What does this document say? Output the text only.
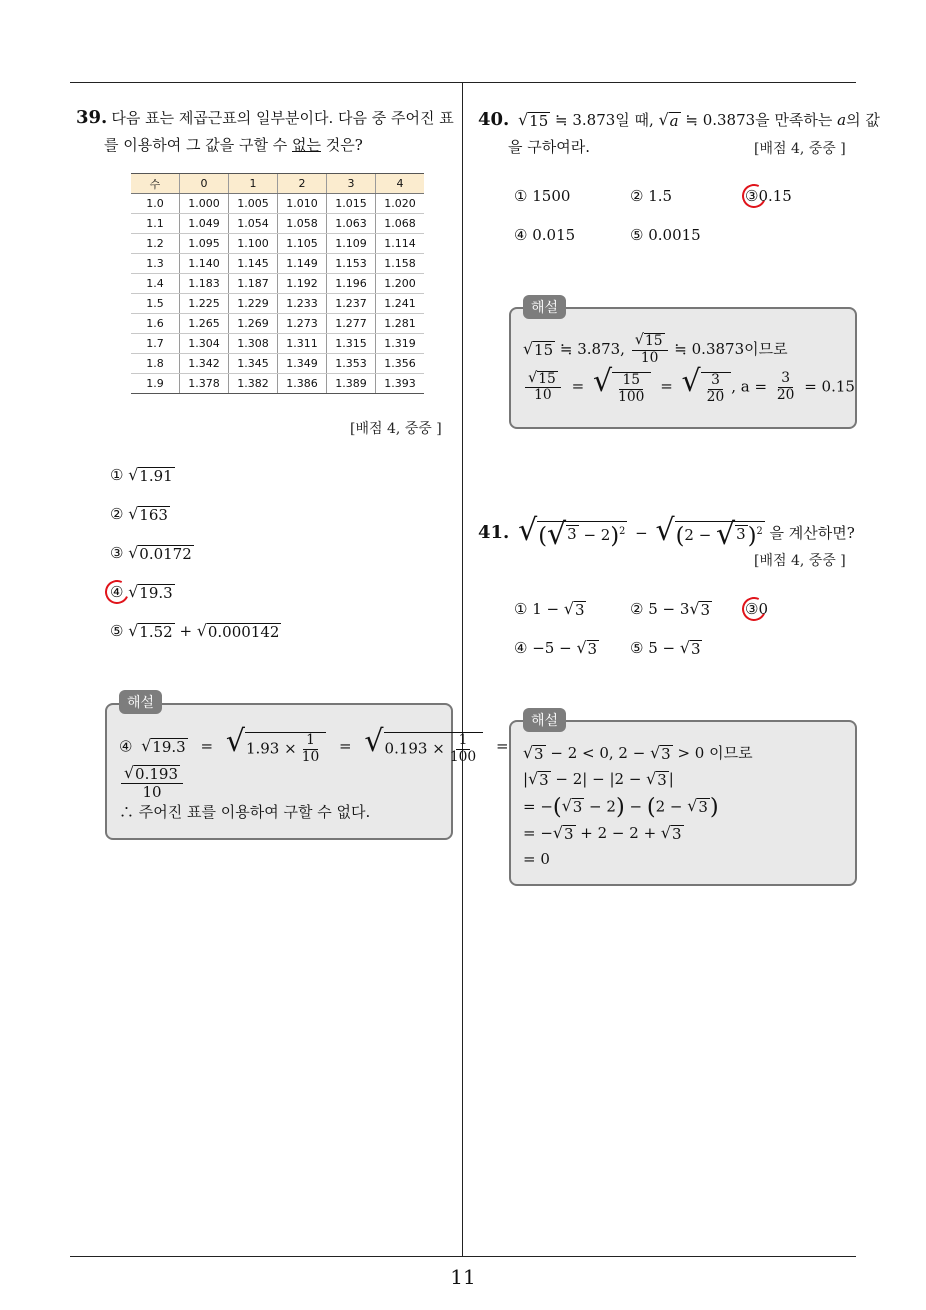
39. 다음 표는 제곱근표의 일부분이다. 다음 중 주어진 표
를 이용하여 그 값을 구할 수 없는 것은?
수	0	1	2	3	4
1.0	1.000	1.005	1.010	1.015	1.020
1.1	1.049	1.054	1.058	1.063	1.068
1.2	1.095	1.100	1.105	1.109	1.114
1.3	1.140	1.145	1.149	1.153	1.158
1.4	1.183	1.187	1.192	1.196	1.200
1.5	1.225	1.229	1.233	1.237	1.241
1.6	1.265	1.269	1.273	1.277	1.281
1.7	1.304	1.308	1.311	1.315	1.319
1.8	1.342	1.345	1.349	1.353	1.356
1.9	1.378	1.382	1.386	1.389	1.393
[배점 4, 중중 ]
① √ 1.91
② √ 163
③ √ 0.0172
④ √ 19.3
⑤ √ 1.52 + √ 0.000142
④ √ 19.3 = √ $1.93 \times \frac{1}{10}$ = √ $0.193 \times \frac{1}{100}$ =
$\frac{√ 0.193}{10}$
∴ 주어진 표를 이용하여 구할 수 없다.
해설
40. √ 15 ≒ 3.873일 때, √ a ≒ 0.3873을 만족하는 a의 값
을 구하여라.	[배점 4, 중중 ]
① 1500	② 1.5	③0.15
④ 0.015	⑤ 0.0015
√ 15 ≒ 3.873, $\frac{√ 15}{10}$ ≒ 0.3873이므로
$\frac{√ 15}{10}$ = √ $\frac{15}{100}$ = √ $\frac{3}{20}$ , $a = \frac{3}{20} = 0.15$
해설
41. √ ( √ 3 − 2)$^2$ − √ (2 − √ 3 )$^2$ 을 계산하면?
[배점 4, 중중 ]
① 1 − √ 3	② 5 − 3 √ 3 ③0
④ −5 − √ 3 ⑤ 5 − √ 3
√ 3 − 2 < 0, 2 − √ 3 > 0 이므로
| √ 3 − 2| − |2 − √ 3 |
= −( √ 3 − 2) − (2 − √ 3 )
= − √ 3 + 2 − 2 + √ 3
= 0
해설
11
